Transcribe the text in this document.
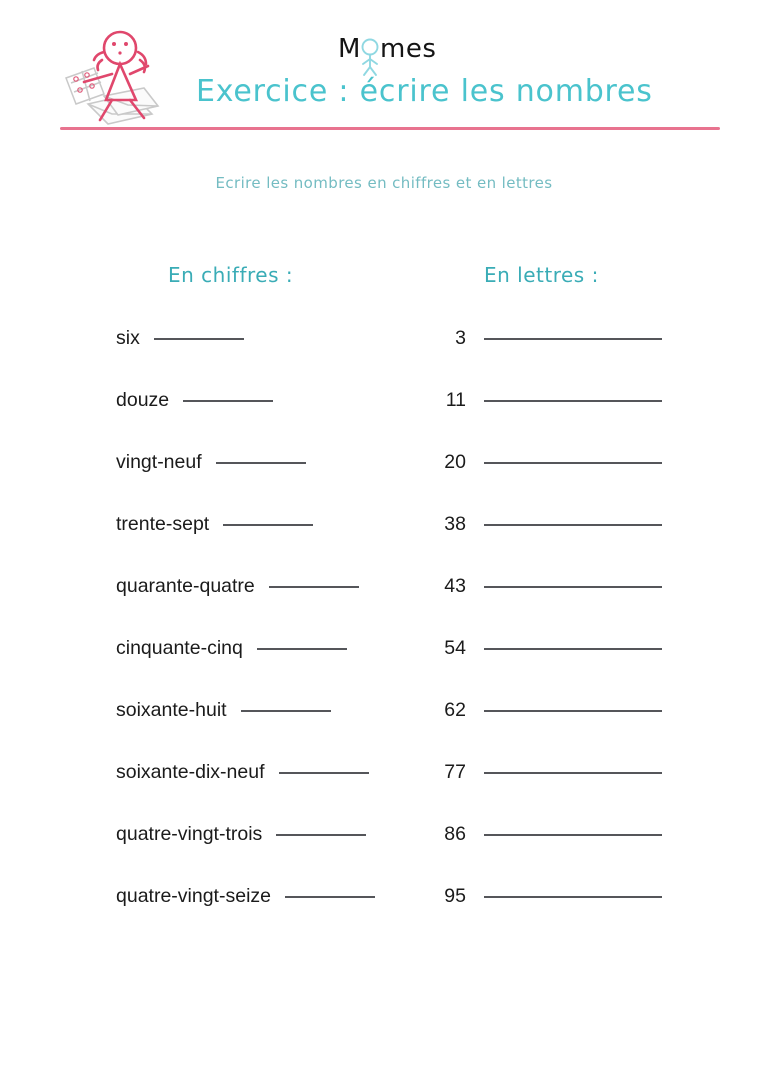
M mes
Exercice : écrire les nombres
Ecrire les nombres en chiffres et en lettres
En chiffres :	En lettres :
six	3
douze	11
vingt-neuf	20
trente-sept	38
quarante-quatre	43
cinquante-cinq	54
soixante-huit	62
soixante-dix-neuf	77
quatre-vingt-trois	86
quatre-vingt-seize	95
